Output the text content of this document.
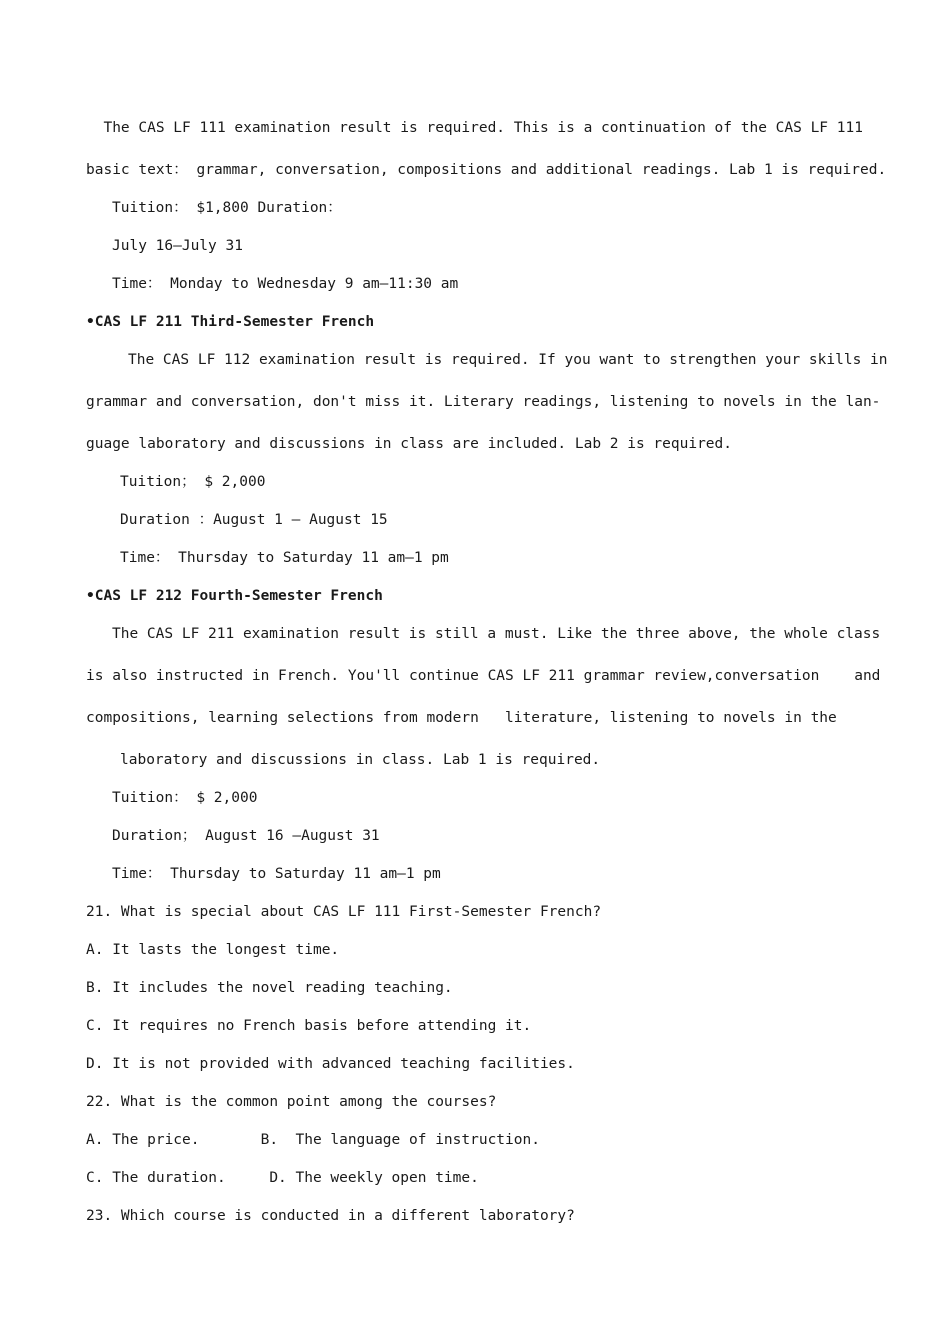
The CAS LF 111 examination result is required. This is a continuation of the CAS LF 111

basic text： grammar, conversation, compositions and additional readings. Lab 1 is required.

Tuition： $1,800 Duration：

July 16—July 31

Time： Monday to Wednesday 9 am—11:30 am

•CAS LF 211 Third-Semester French

The CAS LF 112 examination result is required. If you want to strengthen your skills in

grammar and conversation, don't miss it. Literary readings, listening to novels in the lan-

guage laboratory and discussions in class are included. Lab 2 is required.

Tuition； $ 2,000

Duration ：August 1 — August 15

Time： Thursday to Saturday 11 am—1 pm

•CAS LF 212 Fourth-Semester French

The CAS LF 211 examination result is still a must. Like the three above, the whole class

is also instructed in French. You'll continue CAS LF 211 grammar review,conversation    and

compositions, learning selections from modern   literature, listening to novels in the

laboratory and discussions in class. Lab 1 is required.

Tuition： $ 2,000

Duration； August 16 —August 31

Time： Thursday to Saturday 11 am—1 pm

21. What is special about CAS LF 111 First-Semester French?

A. It lasts the longest time.

B. It includes the novel reading teaching.

C. It requires no French basis before attending it.

D. It is not provided with advanced teaching facilities.

22. What is the common point among the courses?

A. The price.       B.  The language of instruction.

C. The duration.     D. The weekly open time.

23. Which course is conducted in a different laboratory?
